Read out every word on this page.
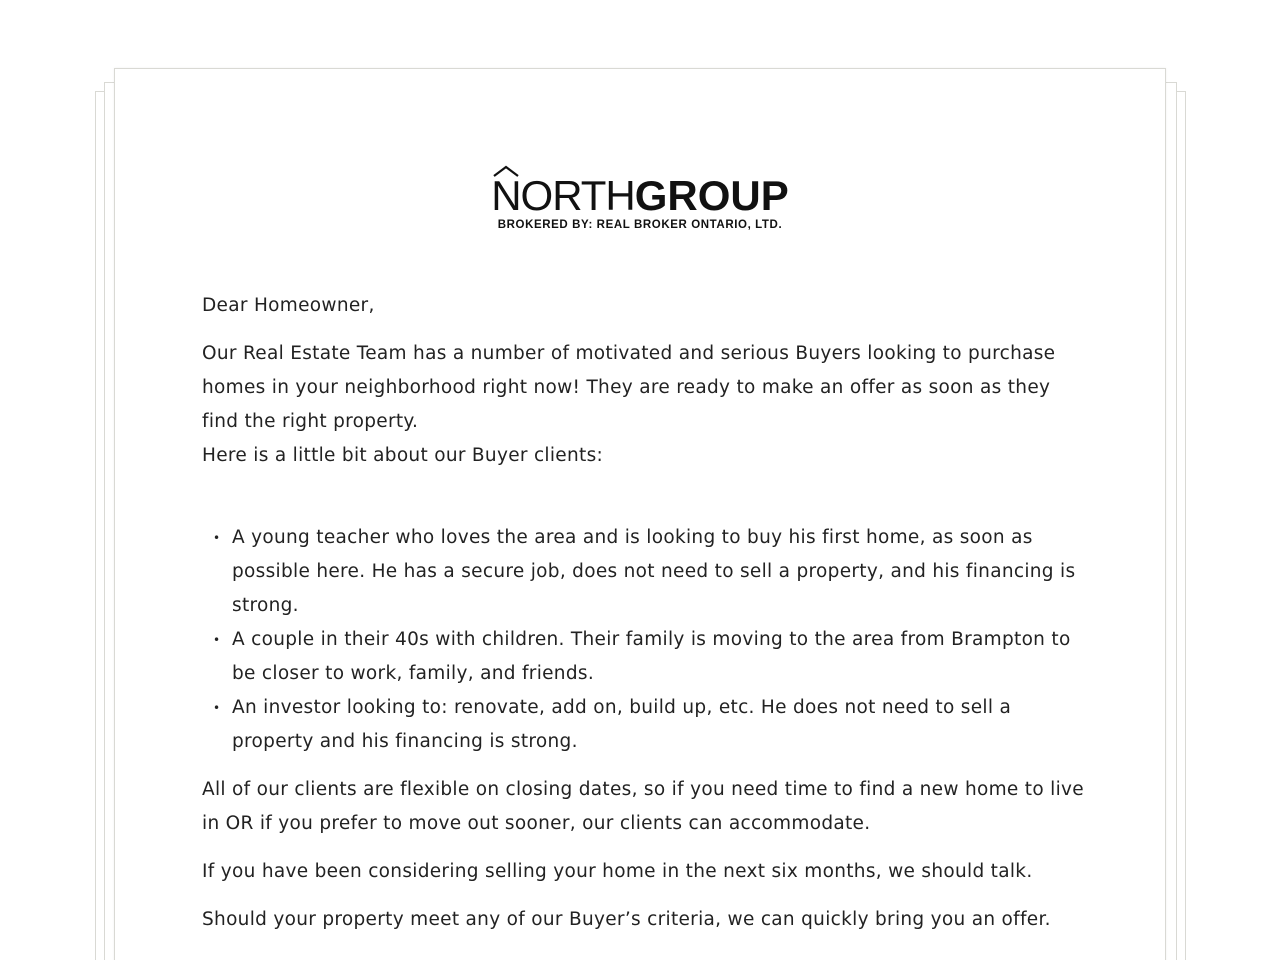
NORTHGROUP
BROKERED BY: REAL BROKER ONTARIO, LTD.

Dear Homeowner,

Our Real Estate Team has a number of motivated and serious Buyers looking to purchase homes in your neighborhood right now! They are ready to make an offer as soon as they find the right property.

Here is a little bit about our Buyer clients:

• A young teacher who loves the area and is looking to buy his first home, as soon as possible here. He has a secure job, does not need to sell a property, and his financing is strong.
• A couple in their 40s with children. Their family is moving to the area from Brampton to be closer to work, family, and friends.
• An investor looking to: renovate, add on, build up, etc. He does not need to sell a property and his financing is strong.

All of our clients are flexible on closing dates, so if you need time to find a new home to live in OR if you prefer to move out sooner, our clients can accommodate.

If you have been considering selling your home in the next six months, we should talk.

Should your property meet any of our Buyer’s criteria, we can quickly bring you an offer.
